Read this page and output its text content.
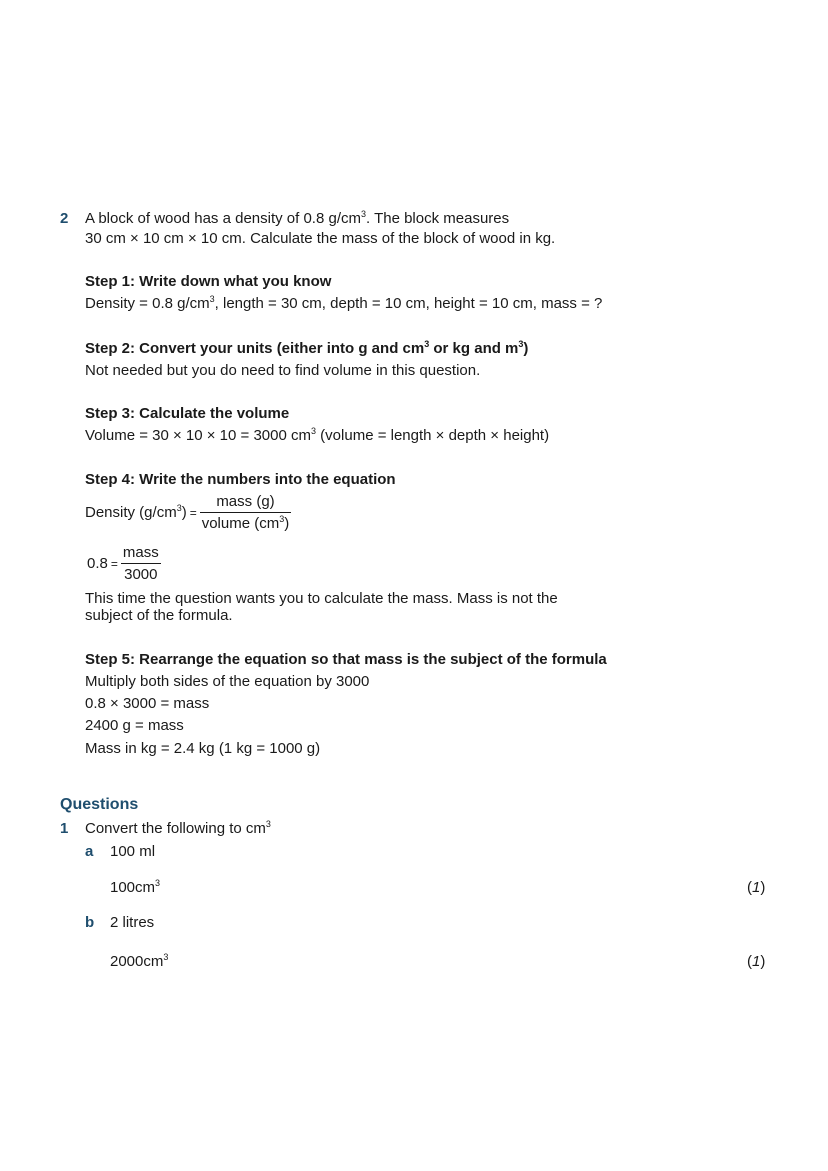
2 A block of wood has a density of 0.8 $g/cm^3$. The block measures
30 cm × 10 cm × 10 cm. Calculate the mass of the block of wood in kg.
Step 1: Write down what you know
Density = 0.8 $g/cm^3$, length = 30 cm, depth = 10 cm, height = 10 cm, mass = ?
Step 2: Convert your units (either into g and $cm^3$ or kg and $m^3$)
Not needed but you do need to find volume in this question.
Step 3: Calculate the volume
Volume = 30 × 10 × 10 = 3000 $cm^3$ (volume = length × depth × height)
Step 4: Write the numbers into the equation
Density $(g/cm^3) = \frac{\text{mass (g)}}{volume (cm^3)}$
$0.8 = \frac{\text{mass}}{3000}$
This time the question wants you to calculate the mass. Mass is not the
subject of the formula.
Step 5: Rearrange the equation so that mass is the subject of the formula
Multiply both sides of the equation by 3000
0.8 × 3000 = mass
2400 g = mass
Mass in kg = 2.4 kg (1 kg = 1000 g)
Questions
1 Convert the following to $cm^3$
a 100 ml
$100cm^3$	(1)
b 2 litres
$2000cm^3$	(1)
